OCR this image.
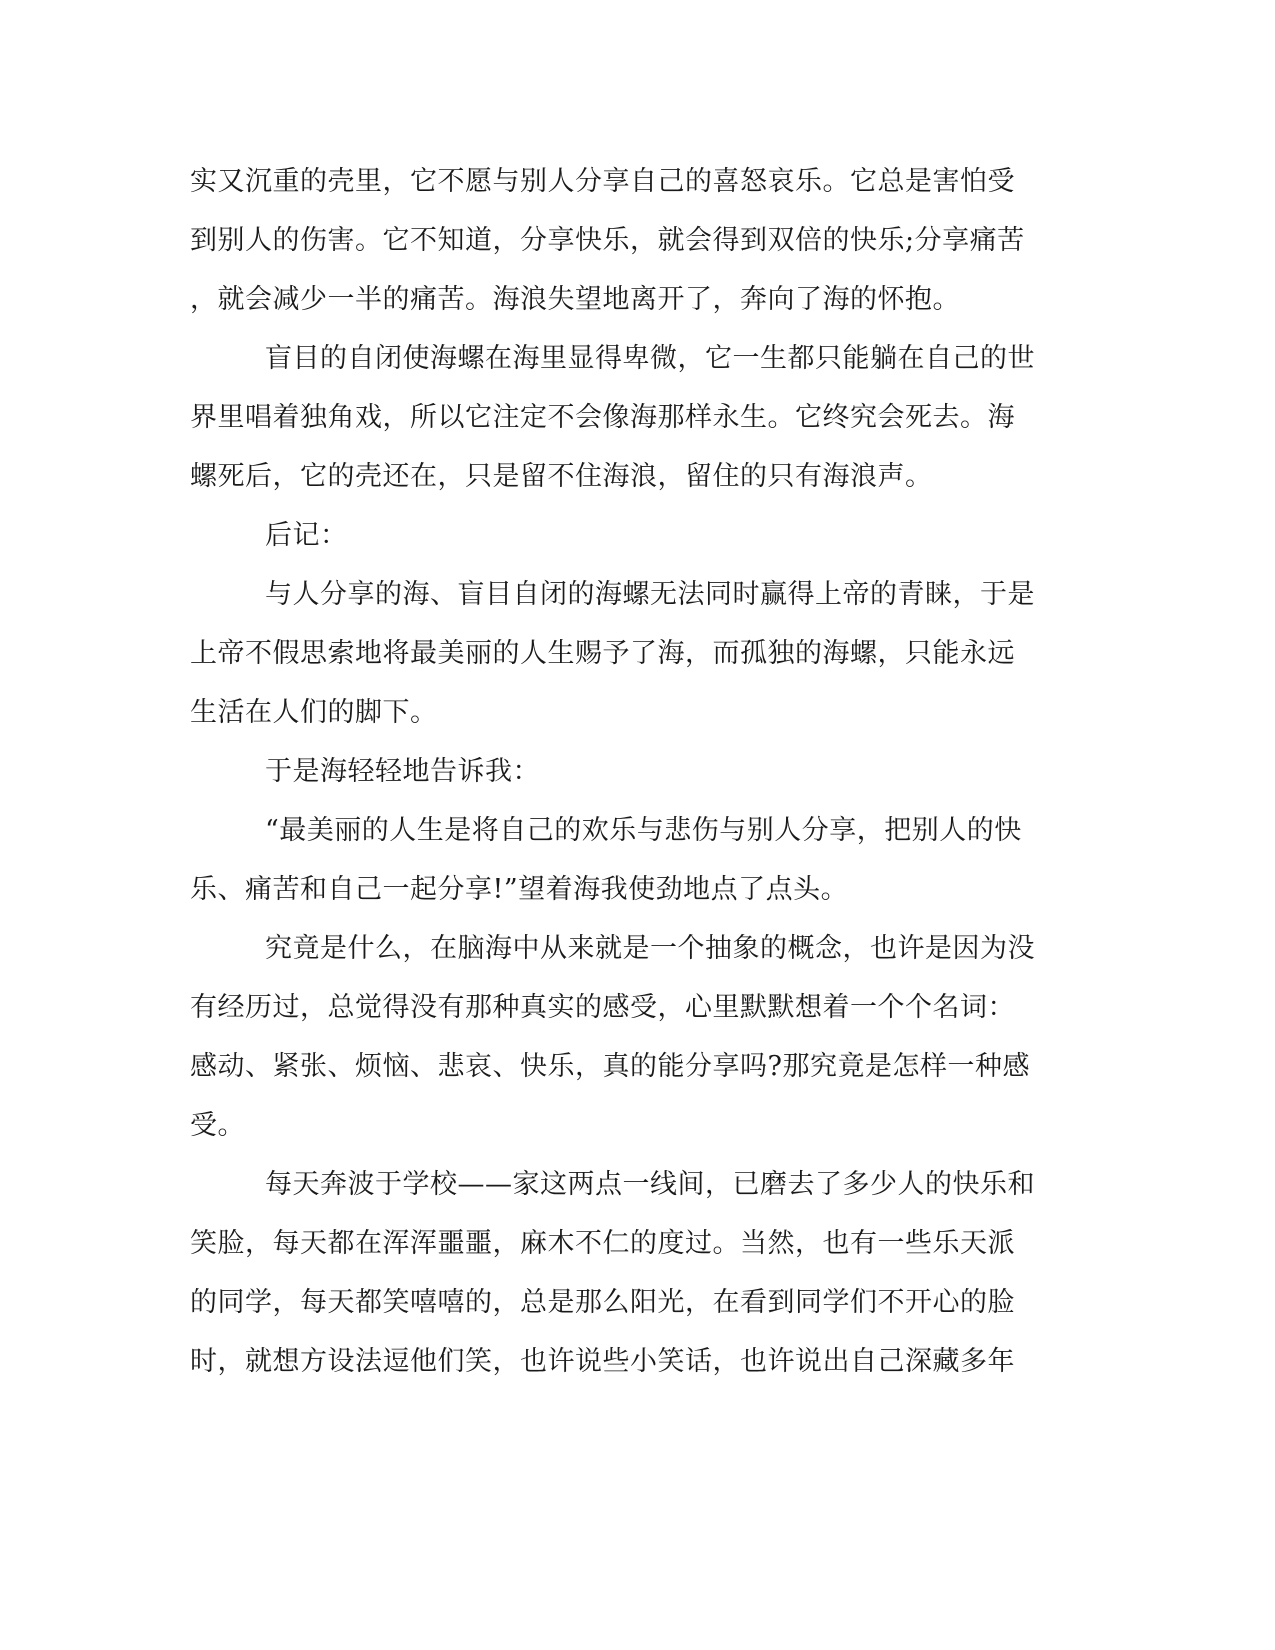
实又沉重的壳里，它不愿与别人分享自己的喜怒哀乐。它总是害怕受
到别人的伤害。它不知道，分享快乐，就会得到双倍的快乐;分享痛苦
，就会减少一半的痛苦。海浪失望地离开了，奔向了海的怀抱。
盲目的自闭使海螺在海里显得卑微，它一生都只能躺在自己的世
界里唱着独角戏，所以它注定不会像海那样永生。它终究会死去。海
螺死后，它的壳还在，只是留不住海浪，留住的只有海浪声。
后记：
与人分享的海、盲目自闭的海螺无法同时赢得上帝的青睐，于是
上帝不假思索地将最美丽的人生赐予了海，而孤独的海螺，只能永远
生活在人们的脚下。
于是海轻轻地告诉我：
“最美丽的人生是将自己的欢乐与悲伤与别人分享，把别人的快
乐、痛苦和自己一起分享!”望着海我使劲地点了点头。
究竟是什么，在脑海中从来就是一个抽象的概念，也许是因为没
有经历过，总觉得没有那种真实的感受，心里默默想着一个个名词：
感动、紧张、烦恼、悲哀、快乐，真的能分享吗?那究竟是怎样一种感
受。
每天奔波于学校——家这两点一线间，已磨去了多少人的快乐和
笑脸，每天都在浑浑噩噩，麻木不仁的度过。当然，也有一些乐天派
的同学，每天都笑嘻嘻的，总是那么阳光，在看到同学们不开心的脸
时，就想方设法逗他们笑，也许说些小笑话，也许说出自己深藏多年
